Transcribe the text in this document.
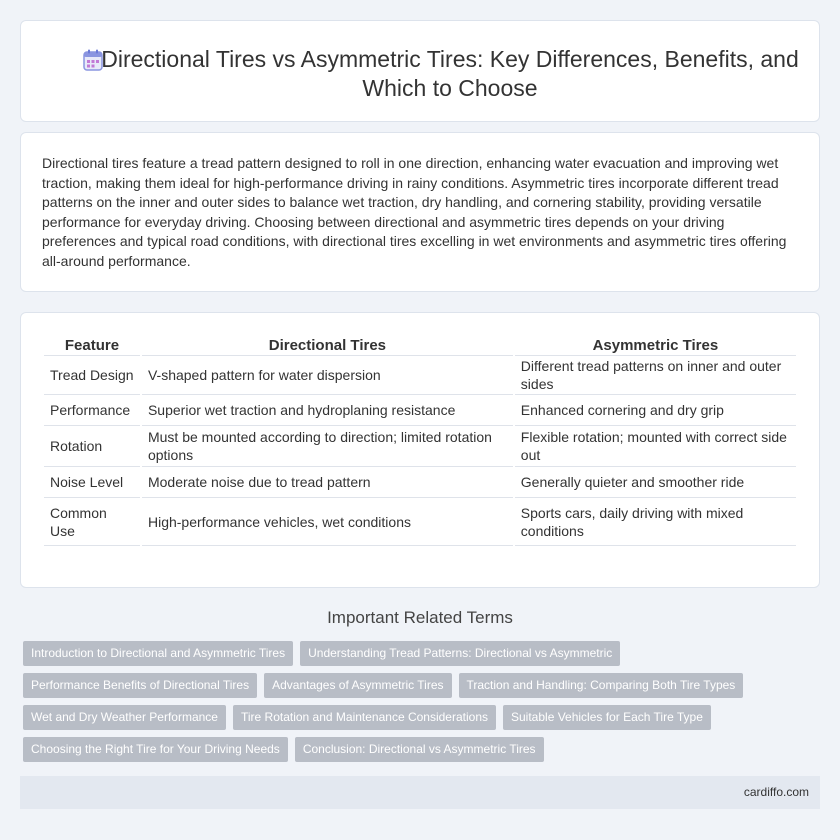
Directional Tires vs Asymmetric Tires: Key Differences, Benefits, and Which to Choose

Directional tires feature a tread pattern designed to roll in one direction, enhancing water evacuation and improving wet traction, making them ideal for high-performance driving in rainy conditions. Asymmetric tires incorporate different tread patterns on the inner and outer sides to balance wet traction, dry handling, and cornering stability, providing versatile performance for everyday driving. Choosing between directional and asymmetric tires depends on your driving preferences and typical road conditions, with directional tires excelling in wet environments and asymmetric tires offering all-around performance.

Feature	Directional Tires	Asymmetric Tires
Tread Design	V-shaped pattern for water dispersion	Different tread patterns on inner and outer sides
Performance	Superior wet traction and hydroplaning resistance	Enhanced cornering and dry grip
Rotation	Must be mounted according to direction; limited rotation options	Flexible rotation; mounted with correct side out
Noise Level	Moderate noise due to tread pattern	Generally quieter and smoother ride
Common Use	High-performance vehicles, wet conditions	Sports cars, daily driving with mixed conditions
Important Related Terms
Introduction to Directional and Asymmetric Tires	Understanding Tread Patterns: Directional vs Asymmetric
Performance Benefits of Directional Tires	Advantages of Asymmetric Tires	Traction and Handling: Comparing Both Tire Types
Wet and Dry Weather Performance	Tire Rotation and Maintenance Considerations	Suitable Vehicles for Each Tire Type
Choosing the Right Tire for Your Driving Needs	Conclusion: Directional vs Asymmetric Tires
cardiffo.com
